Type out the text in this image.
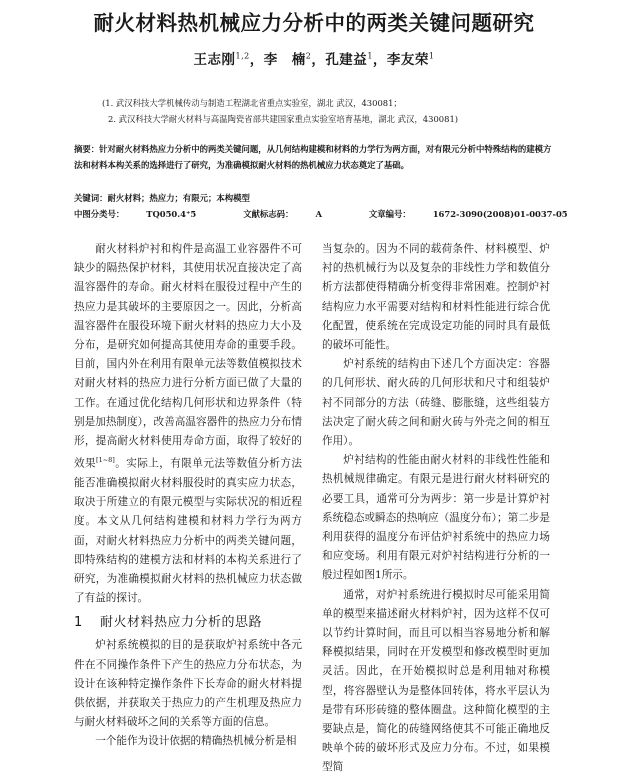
耐火材料热机械应力分析中的两类关键问题研究
王志刚$^{1,2}$，李　楠$^2$，孔建益$^1$，李友荣$^1$
(1. 武汉科技大学机械传动与制造工程湖北省重点实验室，湖北 武汉，430081；
2. 武汉科技大学耐火材料与高温陶瓷省部共建国家重点实验室培育基地，湖北 武汉，430081)

摘要：针对耐火材料热应力分析中的两类关键问题，从几何结构建模和材料的力学行为两方面，对有限元分析中特殊结构的建模方法和材料本构关系的选择进行了研究，为准确模拟耐火材料的热机械应力状态奠定了基础。

关键词：耐火材料；热应力；有限元；本构模型
中图分类号：	TQ050.4⁺5	文献标志码：	A	文章编号：	1672-3090(2008)01-0037-05

耐火材料炉衬和构件是高温工业容器件不可缺少的隔热保护材料，其使用状况直接决定了高温容器件的寿命。耐火材料在服役过程中产生的热应力是其破坏的主要原因之一。因此，分析高温容器件在服役环境下耐火材料的热应力大小及分布，是研究如何提高其使用寿命的重要手段。目前，国内外在利用有限单元法等数值模拟技术对耐火材料的热应力进行分析方面已做了大量的工作。在通过优化结构几何形状和边界条件（特别是加热制度），改善高温容器件的热应力分布情形，提高耐火材料使用寿命方面，取得了较好的效果[1~8]。实际上，有限单元法等数值分析方法能否准确模拟耐火材料服役时的真实应力状态，取决于所建立的有限元模型与实际状况的相近程度。本文从几何结构建模和材料力学行为两方面，对耐火材料热应力分析中的两类关键问题，即特殊结构的建模方法和材料的本构关系进行了研究，为准确模拟耐火材料的热机械应力状态做了有益的探讨。

1 耐火材料热应力分析的思路

炉衬系统模拟的目的是获取炉衬系统中各元件在不同操作条件下产生的热应力分布状态，为设计在该种特定操作条件下长寿命的耐火材料提供依据，并获取关于热应力的产生机理及热应力与耐火材料破坏之间的关系等方面的信息。

一个能作为设计依据的精确热机械分析是相

当复杂的。因为不同的载荷条件、材料模型、炉衬的热机械行为以及复杂的非线性力学和数值分析方法都使得精确分析变得非常困难。控制炉衬结构应力水平需要对结构和材料性能进行综合优化配置，使系统在完成设定功能的同时具有最低的破坏可能性。

炉衬系统的结构由下述几个方面决定：容器的几何形状、耐火砖的几何形状和尺寸和组装炉衬不同部分的方法（砖缝、膨胀缝，这些组装方法决定了耐火砖之间和耐火砖与外壳之间的相互作用）。

炉衬结构的性能由耐火材料的非线性性能和热机械规律确定。有限元是进行耐火材料研究的必要工具，通常可分为两步：第一步是计算炉衬系统稳态或瞬态的热响应（温度分布）；第二步是利用获得的温度分布评估炉衬系统中的热应力场和应变场。利用有限元对炉衬结构进行分析的一般过程如图1所示。

通常，对炉衬系统进行模拟时尽可能采用简单的模型来描述耐火材料炉衬，因为这样不仅可以节约计算时间，而且可以相当容易地分析和解释模拟结果，同时在开发模型和修改模型时更加灵活。因此，在开始模拟时总是利用轴对称模型，将容器壁认为是整体回转体，将水平层认为是带有环形砖缝的整体圈盘。这种简化模型的主要缺点是，简化的砖缝网络使其不可能正确地反映单个砖的破坏形式及应力分布。不过，如果模型简
